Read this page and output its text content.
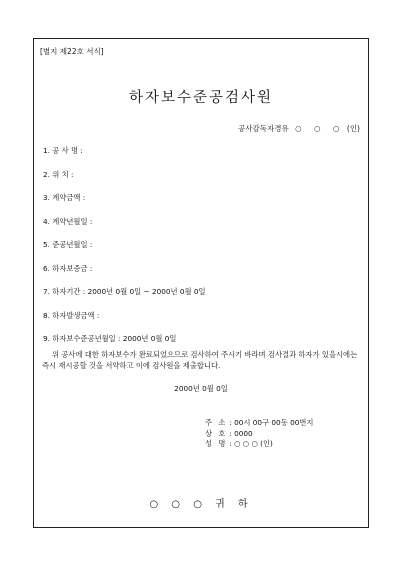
[별지 제22호 서식]
하자보수준공검사원
공사감독자경유 ○ ○ ○ (인)
1. 공 사 명 :
2. 위 치 :
3. 계약금액 :
4. 계약년월일 :
5. 준공년월일 :
6. 하자보증금 :
7. 하자기간 : 2000년 0월 0일 ~ 2000년 0월 0일
8. 하자발생금액 :
9. 하자보수준공년월일 : 2000년 0월 0일

위 공사에 대한 하자보수가 완료되었으므로 검사하여 주시기 바라며 검사결과 하자가 있을시에는 즉시 재시공할 것을 서약하고 이에 검사원을 제출합니다.

2000년 0월 0일
주 소 : 00시 00구 00동 00번지
상 호 : 0000
성 명 : ○ ○ ○ (인)
○ ○ ○ 귀 하
